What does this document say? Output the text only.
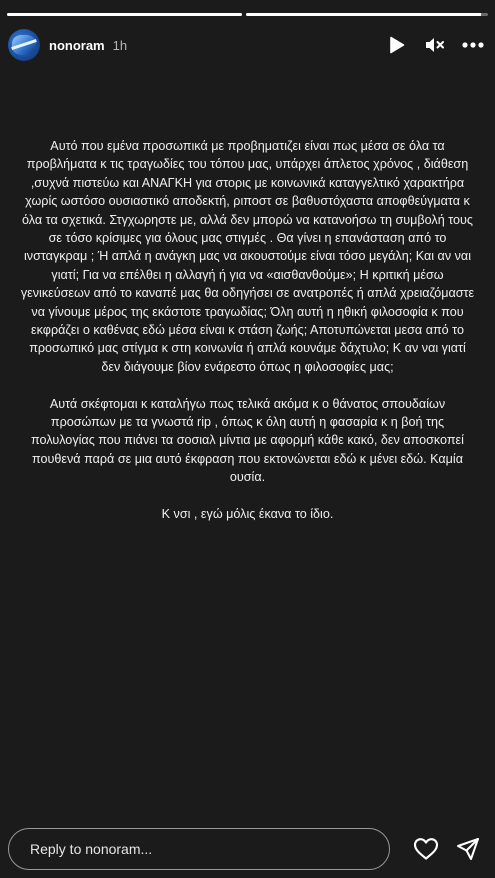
nonoram 1h

Αυτό που εμένα προσωπικά με προβηματιζει είναι πως μέσα σε όλα τα προβλήματα κ τις τραγωδίες του τόπου μας, υπάρχει άπλετος χρόνος , διάθεση ,συχνά πιστεύω και ΑΝΑΓΚΗ για στορις με κοινωνικά καταγγελτικό χαρακτήρα χωρίς ωστόσο ουσιαστικό αποδεκτή, ριποστ σε βαθυστόχαστα αποφθεύγματα κ όλα τα σχετικά. Στγχωρηστε με, αλλά δεν μπορώ να κατανοήσω τη συμβολή τους σε τόσο κρίσιμες για όλους μας στιγμές . Θα γίνει η επανάσταση από το ινσταγκραμ ; Ή απλά η ανάγκη μας να ακουστούμε είναι τόσο μεγάλη; Και αν ναι γιατί; Για να επέλθει η αλλαγή ή για να «αισθανθούμε»; Η κριτική μέσω γενικεύσεων από το καναπέ μας θα οδηγήσει σε ανατροπές ή απλά χρειαζόμαστε να γίνουμε μέρος της εκάστοτε τραγωδίας; Όλη αυτή η ηθική φιλοσοφία κ που εκφράζει ο καθένας εδώ μέσα είναι κ στάση ζωής; Αποτυπώνεται μεσα από το προσωπικό μας στίγμα κ στη κοινωνία ή απλά κουνάμε δάχτυλο; Κ αν ναι γιατί δεν διάγουμε βίον ενάρεστο όπως η φιλοσοφίες μας;

Αυτά σκέφτομαι κ καταλήγω πως τελικά ακόμα κ ο θάνατος σπουδαίων προσώπων με τα γνωστά rip , όπως κ όλη αυτή η φασαρία κ η βοή της πολυλογίας που πιάνει τα σοσιαλ μίντια με αφορμή κάθε κακό, δεν αποσκοπεί πουθενά παρά σε μια αυτό έκφραση που εκτονώνεται εδώ κ μένει εδώ. Καμία ουσία.

Κ νσι , εγώ μόλις έκανα το ίδιο.

Reply to nonoram...
